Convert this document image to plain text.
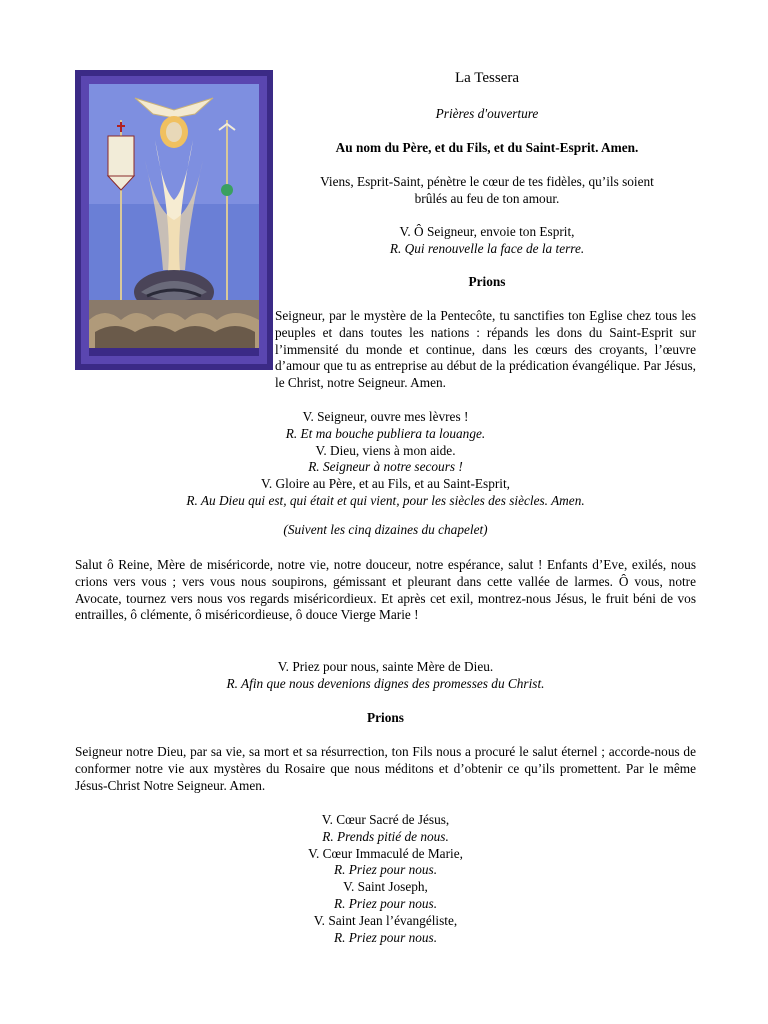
La Tessera
Prières d'ouverture
Au nom du Père, et du Fils, et du Saint-Esprit. Amen.
Viens, Esprit-Saint, pénètre le cœur de tes fidèles, qu’ils soient
brûlés au feu de ton amour.
V. Ô Seigneur, envoie ton Esprit,
R. Qui renouvelle la face de la terre.
Prions
Seigneur, par le mystère de la Pentecôte, tu sanctifies ton Eglise chez tous les peuples et dans toutes les nations : répands les dons du Saint-Esprit sur l’immensité du monde et continue, dans les cœurs des croyants, l’œuvre d’amour que tu as entreprise au début de la prédication évangélique. Par Jésus, le Christ, notre Seigneur. Amen.
V. Seigneur, ouvre mes lèvres !
R. Et ma bouche publiera ta louange.
V. Dieu, viens à mon aide.
R. Seigneur à notre secours !
V. Gloire au Père, et au Fils, et au Saint-Esprit,
R. Au Dieu qui est, qui était et qui vient, pour les siècles des siècles. Amen.
(Suivent les cinq dizaines du chapelet)
Salut ô Reine, Mère de miséricorde, notre vie, notre douceur, notre espérance, salut ! Enfants d’Eve, exilés, nous crions vers vous ; vers vous nous soupirons, gémissant et pleurant dans cette vallée de larmes. Ô vous, notre Avocate, tournez vers nous vos regards miséricordieux. Et après cet exil, montrez-nous Jésus, le fruit béni de vos entrailles, ô clémente, ô miséricordieuse, ô douce Vierge Marie !
V. Priez pour nous, sainte Mère de Dieu.
R. Afin que nous devenions dignes des promesses du Christ.
Prions
Seigneur notre Dieu, par sa vie, sa mort et sa résurrection, ton Fils nous a procuré le salut éternel ; accorde-nous de conformer notre vie aux mystères du Rosaire que nous méditons et d’obtenir ce qu’ils promettent. Par le même Jésus-Christ Notre Seigneur. Amen.
V. Cœur Sacré de Jésus,
R. Prends pitié de nous.
V. Cœur Immaculé de Marie,
R. Priez pour nous.
V. Saint Joseph,
R. Priez pour nous.
V. Saint Jean l’évangéliste,
R. Priez pour nous.
